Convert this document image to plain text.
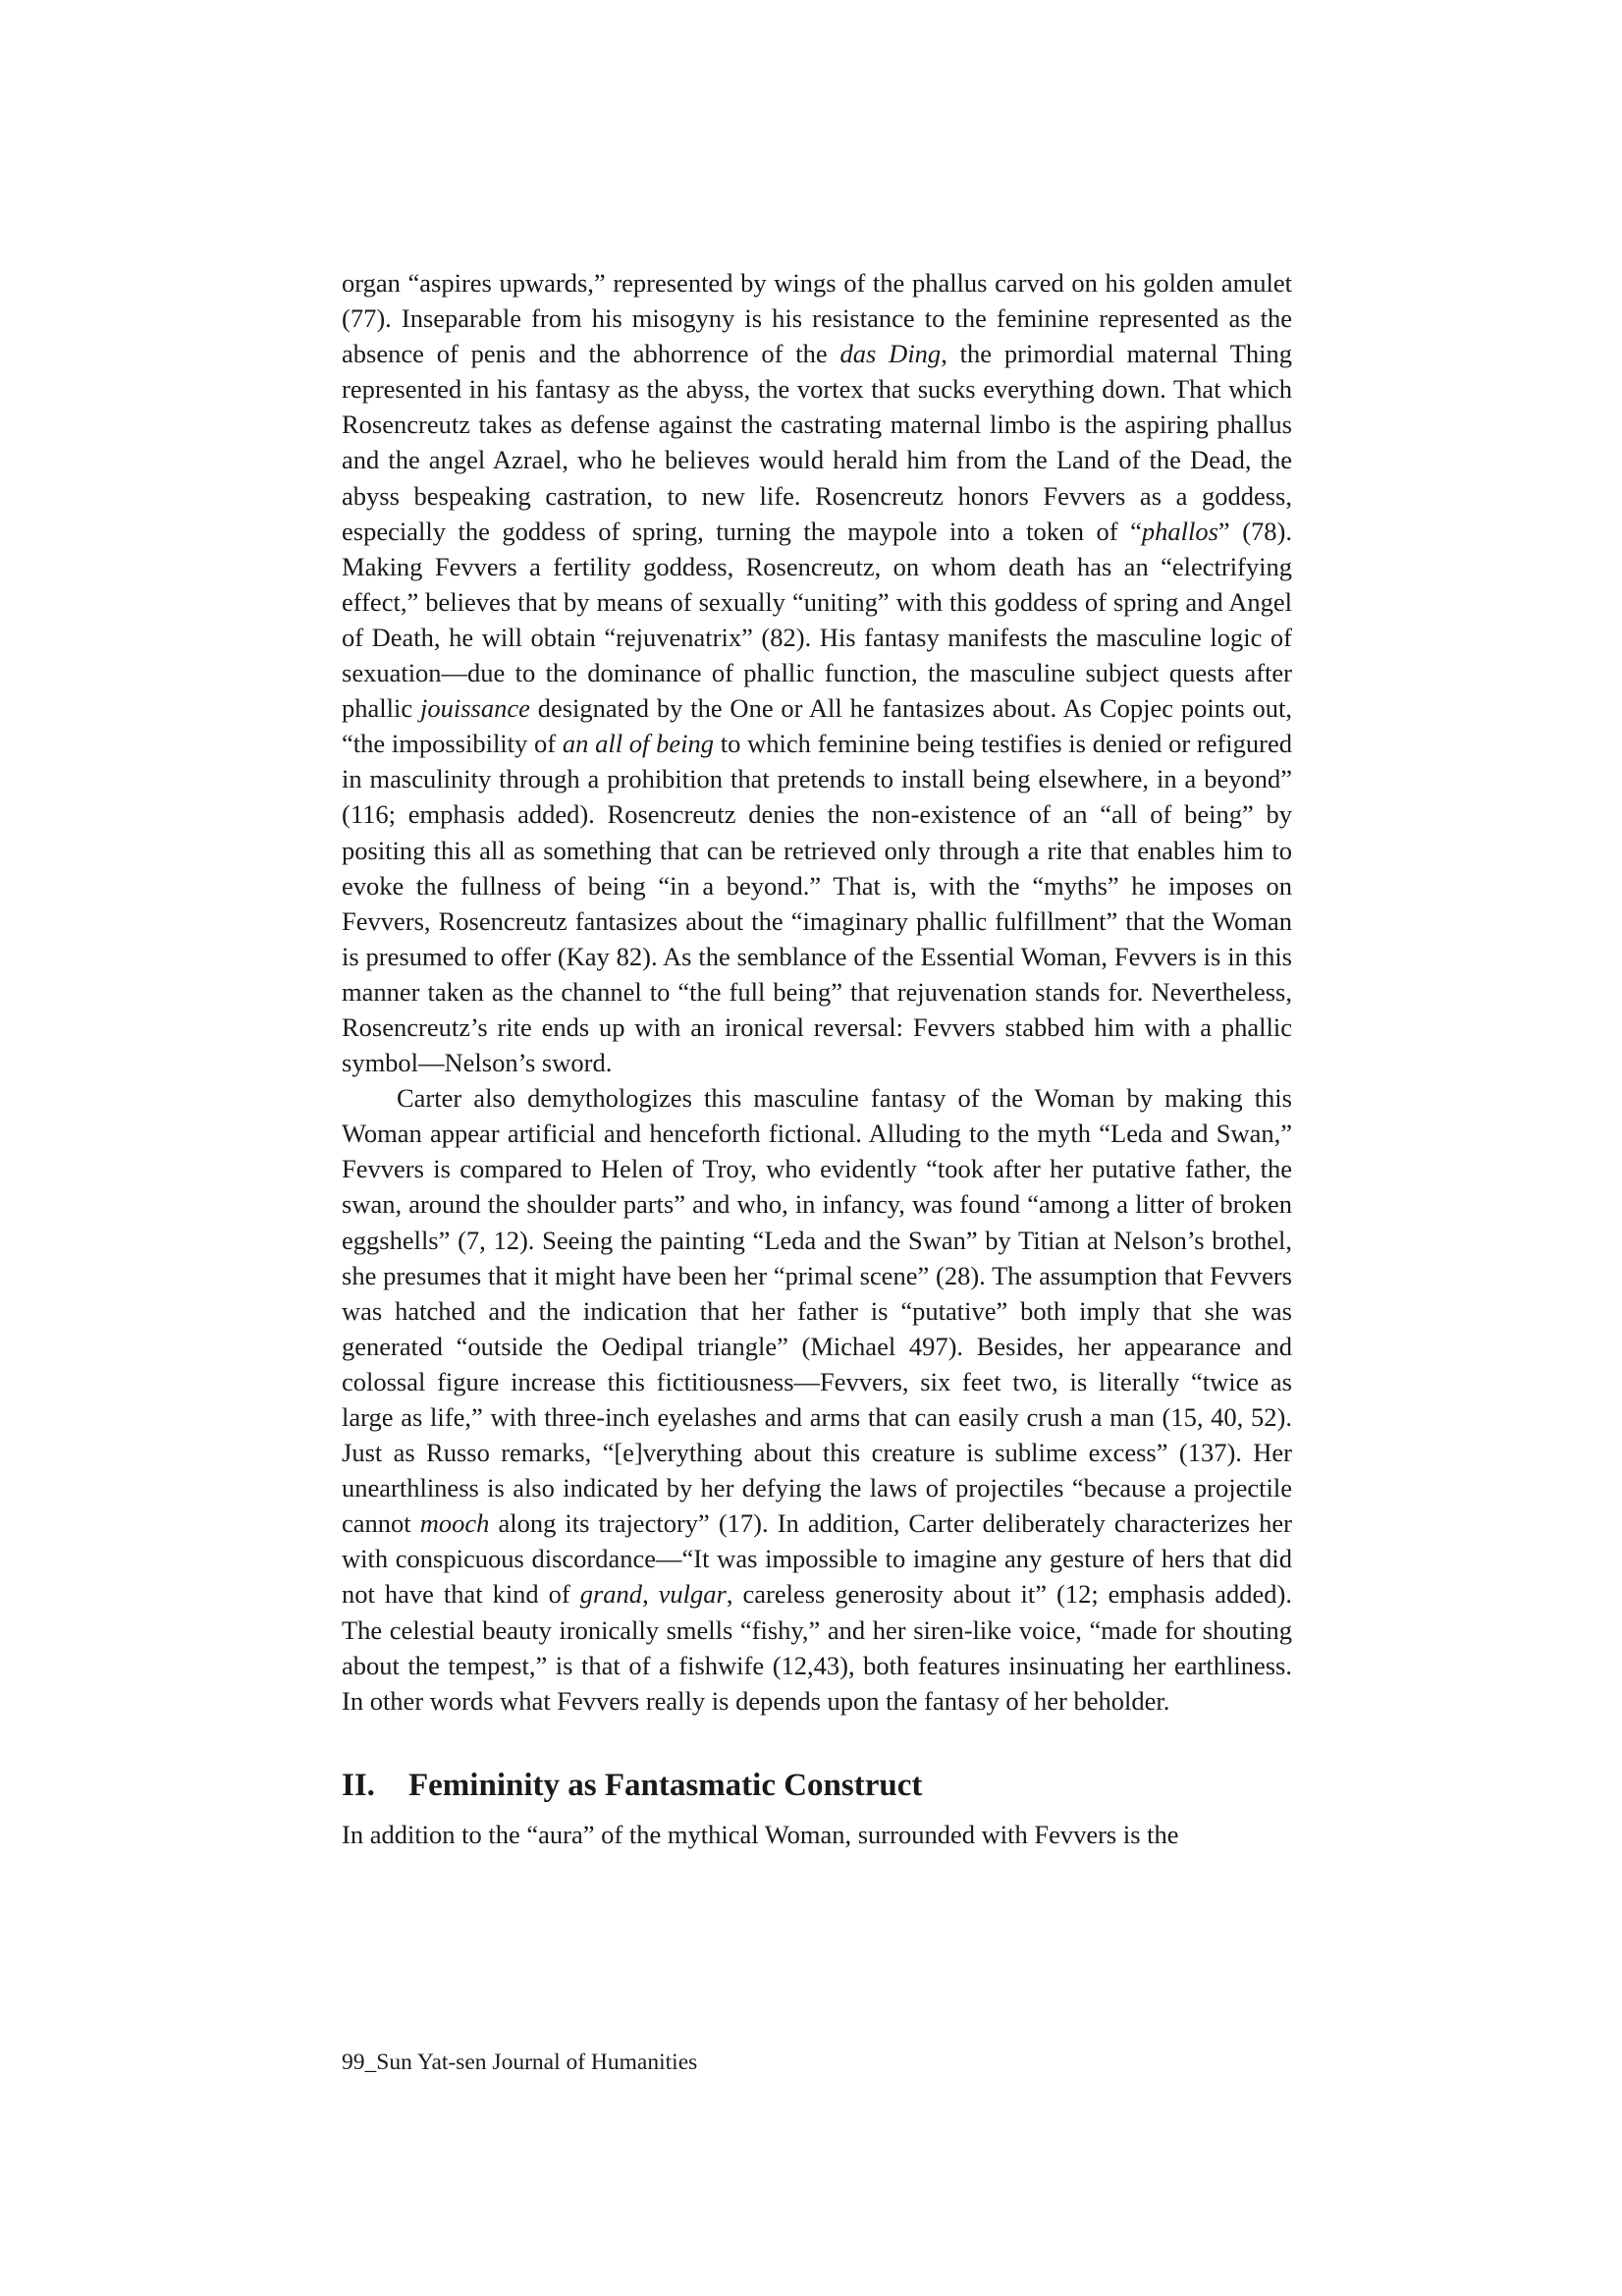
organ “aspires upwards,” represented by wings of the phallus carved on his golden amulet (77). Inseparable from his misogyny is his resistance to the feminine represented as the absence of penis and the abhorrence of the das Ding, the primordial maternal Thing represented in his fantasy as the abyss, the vortex that sucks everything down. That which Rosencreutz takes as defense against the castrating maternal limbo is the aspiring phallus and the angel Azrael, who he believes would herald him from the Land of the Dead, the abyss bespeaking castration, to new life. Rosencreutz honors Fevvers as a goddess, especially the goddess of spring, turning the maypole into a token of “phallos” (78). Making Fevvers a fertility goddess, Rosencreutz, on whom death has an “electrifying effect,” believes that by means of sexually “uniting” with this goddess of spring and Angel of Death, he will obtain “rejuvenatrix” (82). His fantasy manifests the masculine logic of sexuation—due to the dominance of phallic function, the masculine subject quests after phallic jouissance designated by the One or All he fantasizes about. As Copjec points out, “the impossibility of an all of being to which feminine being testifies is denied or refigured in masculinity through a prohibition that pretends to install being elsewhere, in a beyond” (116; emphasis added). Rosencreutz denies the non-existence of an “all of being” by positing this all as something that can be retrieved only through a rite that enables him to evoke the fullness of being “in a beyond.” That is, with the “myths” he imposes on Fevvers, Rosencreutz fantasizes about the “imaginary phallic fulfillment” that the Woman is presumed to offer (Kay 82). As the semblance of the Essential Woman, Fevvers is in this manner taken as the channel to “the full being” that rejuvenation stands for. Nevertheless, Rosencreutz’s rite ends up with an ironical reversal: Fevvers stabbed him with a phallic symbol—Nelson’s sword.

Carter also demythologizes this masculine fantasy of the Woman by making this Woman appear artificial and henceforth fictional. Alluding to the myth “Leda and Swan,” Fevvers is compared to Helen of Troy, who evidently “took after her putative father, the swan, around the shoulder parts” and who, in infancy, was found “among a litter of broken eggshells” (7, 12). Seeing the painting “Leda and the Swan” by Titian at Nelson’s brothel, she presumes that it might have been her “primal scene” (28). The assumption that Fevvers was hatched and the indication that her father is “putative” both imply that she was generated “outside the Oedipal triangle” (Michael 497). Besides, her appearance and colossal figure increase this fictitiousness—Fevvers, six feet two, is literally “twice as large as life,” with three-inch eyelashes and arms that can easily crush a man (15, 40, 52). Just as Russo remarks, “[e]verything about this creature is sublime excess” (137). Her unearthliness is also indicated by her defying the laws of projectiles “because a projectile cannot mooch along its trajectory” (17). In addition, Carter deliberately characterizes her with conspicuous discordance—“It was impossible to imagine any gesture of hers that did not have that kind of grand, vulgar, careless generosity about it” (12; emphasis added). The celestial beauty ironically smells “fishy,” and her siren-like voice, “made for shouting about the tempest,” is that of a fishwife (12,43), both features insinuating her earthliness. In other words what Fevvers really is depends upon the fantasy of her beholder.

II.	Femininity as Fantasmatic Construct

In addition to the “aura” of the mythical Woman, surrounded with Fevvers is the

99_Sun Yat-sen Journal of Humanities
